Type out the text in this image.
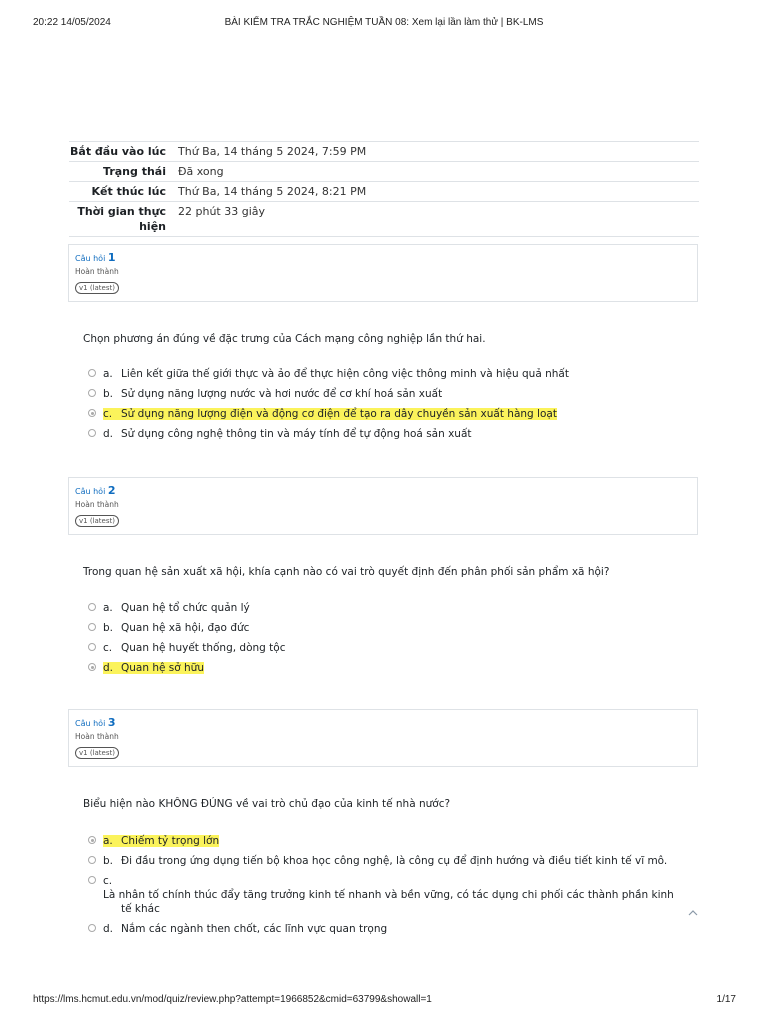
20:22 14/05/2024	BÀI KIỂM TRA TRẮC NGHIỆM TUẦN 08: Xem lại lần làm thử | BK-LMS
Bắt đầu vào lúc	Thứ Ba, 14 tháng 5 2024, 7:59 PM
Trạng thái	Đã xong
Kết thúc lúc	Thứ Ba, 14 tháng 5 2024, 8:21 PM
Thời gian thực hiện	22 phút 33 giây
Câu hỏi 1
Hoàn thành
v1 (latest)
Chọn phương án đúng về đặc trưng của Cách mạng công nghiệp lần thứ hai.
a. Liên kết giữa thế giới thực và ảo để thực hiện công việc thông minh và hiệu quả nhất
b. Sử dụng năng lượng nước và hơi nước để cơ khí hoá sản xuất
c. Sử dụng năng lượng điện và động cơ điện để tạo ra dây chuyền sản xuất hàng loạt
d. Sử dụng công nghệ thông tin và máy tính để tự động hoá sản xuất
Câu hỏi 2
Hoàn thành
v1 (latest)
Trong quan hệ sản xuất xã hội, khía cạnh nào có vai trò quyết định đến phân phối sản phẩm xã hội?
a. Quan hệ tổ chức quản lý
b. Quan hệ xã hội, đạo đức
c. Quan hệ huyết thống, dòng tộc
d. Quan hệ sở hữu
Câu hỏi 3
Hoàn thành
v1 (latest)
Biểu hiện nào KHÔNG ĐÚNG về vai trò chủ đạo của kinh tế nhà nước?
a. Chiếm tỷ trọng lớn
b. Đi đầu trong ứng dụng tiến bộ khoa học công nghệ, là công cụ để định hướng và điều tiết kinh tế vĩ mô.
c.Là nhân tố chính thúc đẩy tăng trưởng kinh tế nhanh và bền vững, có tác dụng chi phối các thành phần kinh
tế khác
d. Nắm các ngành then chốt, các lĩnh vực quan trọng
https://lms.hcmut.edu.vn/mod/quiz/review.php?attempt=1966852&cmid=63799&showall=1	1/17
